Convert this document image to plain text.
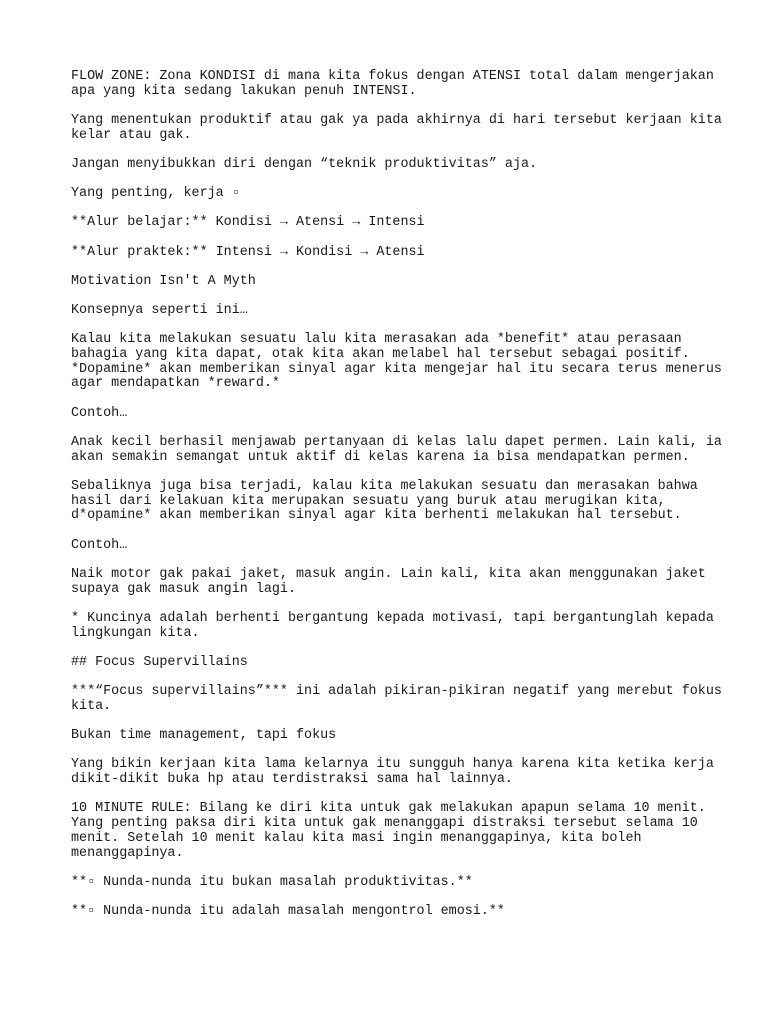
FLOW ZONE: Zona KONDISI di mana kita fokus dengan ATENSI total dalam mengerjakan
apa yang kita sedang lakukan penuh INTENSI.
Yang menentukan produktif atau gak ya pada akhirnya di hari tersebut kerjaan kita
kelar atau gak.
Jangan menyibukkan diri dengan “teknik produktivitas” aja.
Yang penting, kerja ▫
**Alur belajar:** Kondisi → Atensi → Intensi
**Alur praktek:** Intensi → Kondisi → Atensi
Motivation Isn't A Myth
Konsepnya seperti ini…
Kalau kita melakukan sesuatu lalu kita merasakan ada *benefit* atau perasaan
bahagia yang kita dapat, otak kita akan melabel hal tersebut sebagai positif.
*Dopamine* akan memberikan sinyal agar kita mengejar hal itu secara terus menerus
agar mendapatkan *reward.*
Contoh…
Anak kecil berhasil menjawab pertanyaan di kelas lalu dapet permen. Lain kali, ia
akan semakin semangat untuk aktif di kelas karena ia bisa mendapatkan permen.
Sebaliknya juga bisa terjadi, kalau kita melakukan sesuatu dan merasakan bahwa
hasil dari kelakuan kita merupakan sesuatu yang buruk atau merugikan kita,
d*opamine* akan memberikan sinyal agar kita berhenti melakukan hal tersebut.
Contoh…
Naik motor gak pakai jaket, masuk angin. Lain kali, kita akan menggunakan jaket
supaya gak masuk angin lagi.
* Kuncinya adalah berhenti bergantung kepada motivasi, tapi bergantunglah kepada
lingkungan kita.
## Focus Supervillains
***“Focus supervillains”*** ini adalah pikiran-pikiran negatif yang merebut fokus
kita.
Bukan time management, tapi fokus
Yang bikin kerjaan kita lama kelarnya itu sungguh hanya karena kita ketika kerja
dikit-dikit buka hp atau terdistraksi sama hal lainnya.
10 MINUTE RULE: Bilang ke diri kita untuk gak melakukan apapun selama 10 menit.
Yang penting paksa diri kita untuk gak menanggapi distraksi tersebut selama 10
menit. Setelah 10 menit kalau kita masi ingin menanggapinya, kita boleh
menanggapinya.
**▫ Nunda-nunda itu bukan masalah produktivitas.**
**▫ Nunda-nunda itu adalah masalah mengontrol emosi.**
